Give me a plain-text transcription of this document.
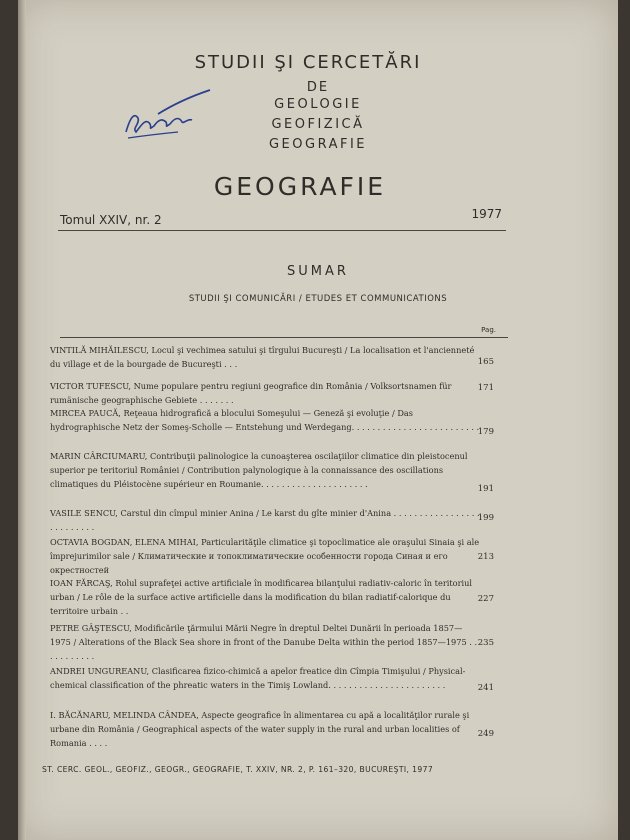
STUDII ŞI CERCETĂRI
DE
GEOLOGIE
GEOFIZICĂ
GEOGRAFIE
GEOGRAFIE
Tomul XXIV, nr. 2	1977
SUMAR
STUDII ŞI COMUNICĂRI / ETUDES ET COMMUNICATIONS
Pag.
VINTILĂ MIHĂILESCU, Locul şi vechimea satului şi tîrgului Bucureşti / La localisation et l'ancienneté du village et de la bourgade de Bucureşti . . .	165
VICTOR TUFESCU, Nume populare pentru regiuni geografice din România / Volksortsnamen für rumänische geographische Gebiete . . . . . . .
171
MIRCEA PAUCĂ, Reţeaua hidrografică a blocului Someşului — Geneză şi evoluţie / Das hydrographische Netz der Someş-Scholle — Entstehung und Werdegang. . . . . . . . . . . . . . . . . . . . . . . . .
179
MARIN CÂRCIUMARU, Contribuţii palinologice la cunoaşterea oscilaţiilor climatice din pleistocenul superior pe teritoriul României / Contribution palynologique à la connaissance des oscillations climatiques du Pléistocène supérieur en Roumanie. . . . . . . . . . . . . . . . . . . . .	191
VASILE SENCU, Carstul din cîmpul minier Anina / Le karst du gîte minier d'Anina . . . . . . . . . . . . . . . . . . . . . . . . . .
199
OCTAVIA BOGDAN, ELENA MIHAI, Particularităţile climatice şi topoclimatice ale oraşului Sinaia şi ale împrejurimilor sale / Климатические и топоклиматические особенности города Синая и его окрестностей
213
IOAN FĂRCAŞ, Rolul suprafeţei active artificiale în modificarea bilanţului radiativ-caloric în teritoriul urban / Le rôle de la surface active artificielle dans la modification du bilan radiatif-calorique du territoire urbain . .
227
PETRE GÂŞTESCU, Modificările ţărmului Mării Negre în dreptul Deltei Dunării în perioada 1857—1975 / Alterations of the Black Sea shore in front of the Danube Delta within the period 1857—1975 . . . . . . . . . . .
235
ANDREI UNGUREANU, Clasificarea fizico-chimică a apelor freatice din Cîmpia Timişului / Physical-chemical classification of the phreatic waters in the Timiş Lowland. . . . . . . . . . . . . . . . . . . . . . .	241
I. BĂCĂNARU, MELINDA CÂNDEA, Aspecte geografice în alimentarea cu apă a localităţilor rurale şi urbane din România / Geographical aspects of the water supply in the rural and urban localities of Romania . . . .
249
ST. CERC. GEOL., GEOFIZ., GEOGR., GEOGRAFIE, T. XXIV, NR. 2, P. 161–320, BUCUREŞTI, 1977
